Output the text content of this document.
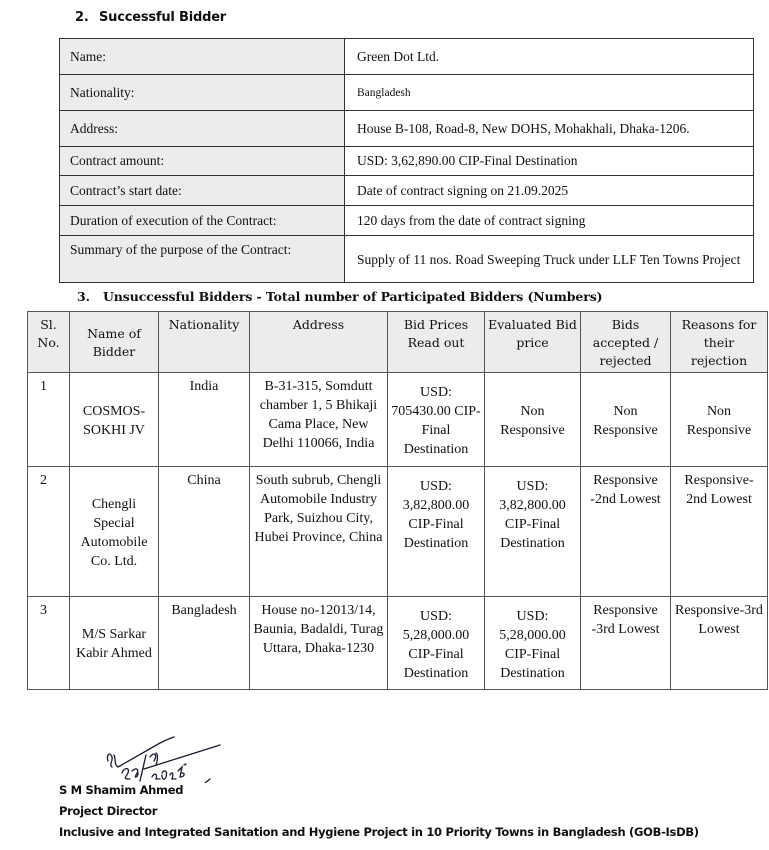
2. Successful Bidder
Name:	Green Dot Ltd.
Nationality:	Bangladesh
Address:	House B-108, Road-8, New DOHS, Mohakhali, Dhaka-1206.
Contract amount:	USD: 3,62,890.00 CIP-Final Destination
Contract’s start date:	Date of contract signing on 21.09.2025
Duration of execution of the Contract:	120 days from the date of contract signing
Summary of the purpose of the Contract:	Supply of 11 nos. Road Sweeping Truck under LLF Ten Towns Project
3. Unsuccessful Bidders - Total number of Participated Bidders (Numbers)
Sl. No.	Name of Bidder	Nationality	Address	Bid Prices Read out	Evaluated Bid price	Bids accepted / rejected	Reasons for their rejection
1	COSMOS-SOKHI JV	India	B-31-315, Somdutt chamber 1, 5 Bhikaji Cama Place, New Delhi 110066, India	USD: 705430.00 CIP-Final Destination	Non Responsive	Non Responsive	Non Responsive
2	Chengli Special Automobile Co. Ltd.	China	South subrub, Chengli Automobile Industry Park, Suizhou City, Hubei Province, China	USD: 3,82,800.00 CIP-Final Destination	USD: 3,82,800.00 CIP-Final Destination	Responsive -2nd Lowest	Responsive-2nd Lowest
3	M/S Sarkar Kabir Ahmed	Bangladesh	House no-12013/14, Baunia, Badaldi, Turag Uttara, Dhaka-1230	USD: 5,28,000.00 CIP-Final Destination	USD: 5,28,000.00 CIP-Final Destination	Responsive -3rd Lowest	Responsive-3rd Lowest
S M Shamim Ahmed
Project Director
Inclusive and Integrated Sanitation and Hygiene Project in 10 Priority Towns in Bangladesh (GOB-IsDB)
